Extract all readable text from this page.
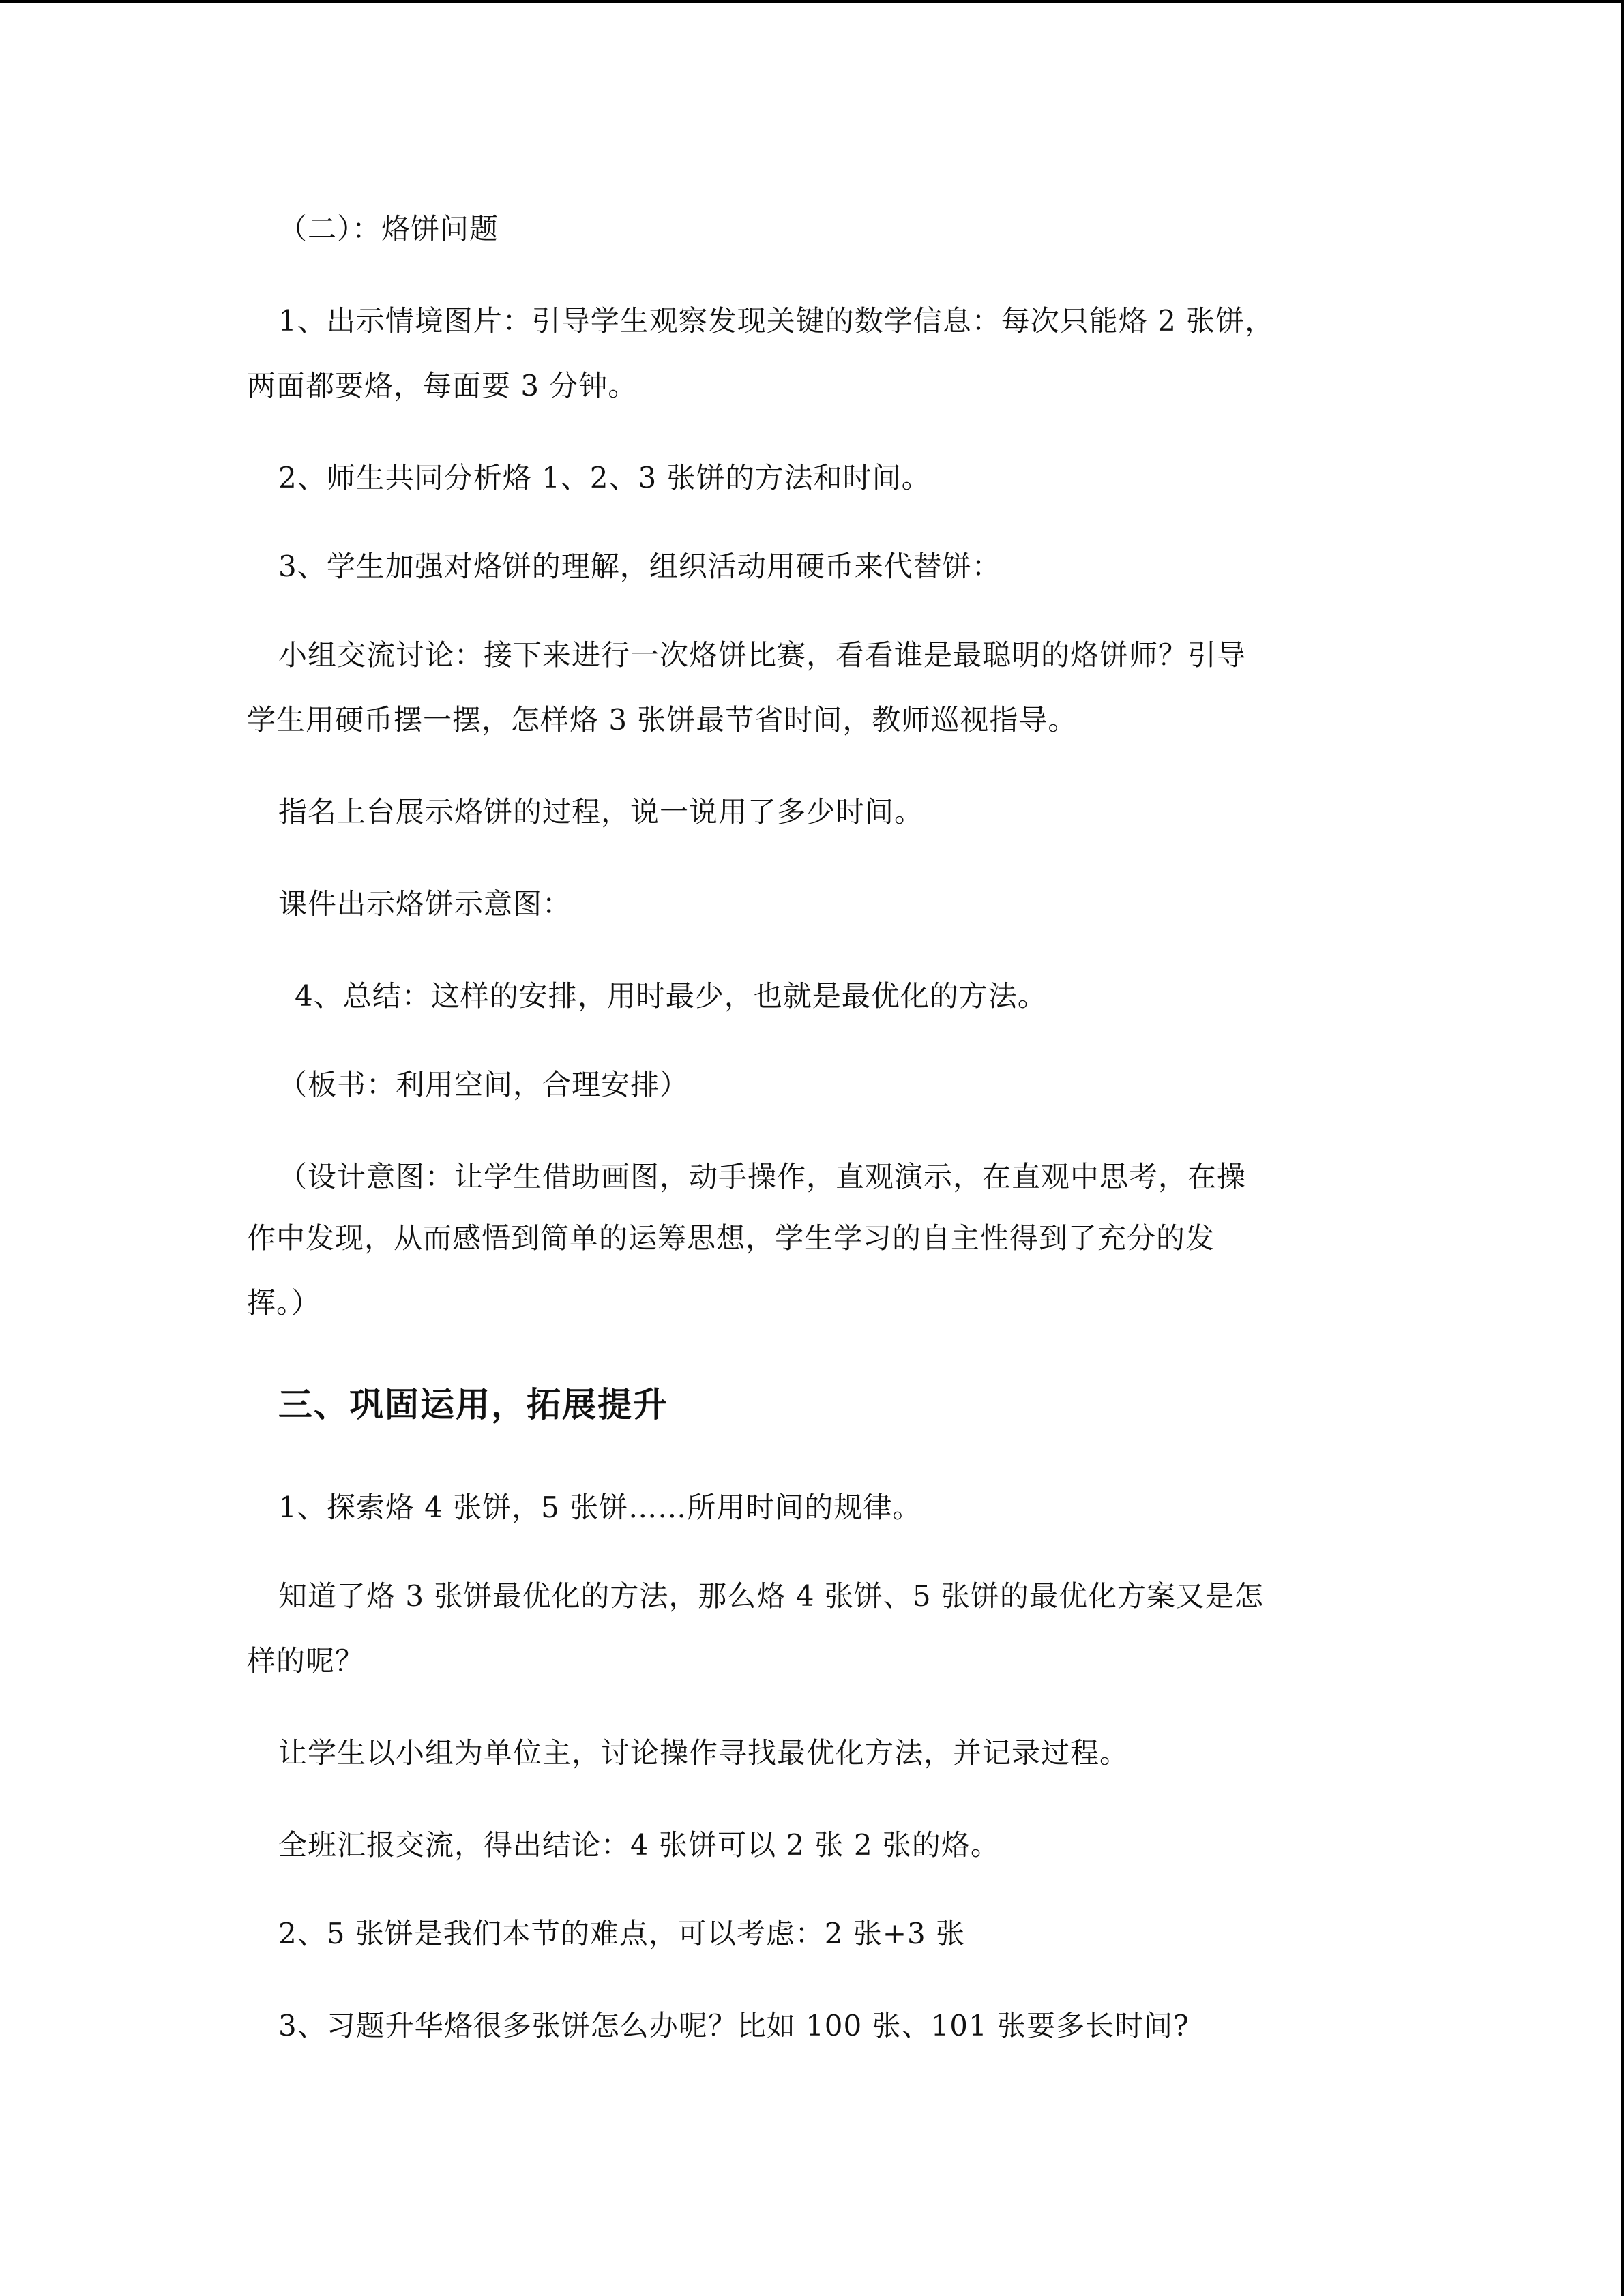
（二）：烙饼问题
1、出示情境图片：引导学生观察发现关键的数学信息：每次只能烙 2 张饼，
两面都要烙，每面要 3 分钟。
2、师生共同分析烙 1、2、3 张饼的方法和时间。
3、学生加强对烙饼的理解，组织活动用硬币来代替饼：
小组交流讨论：接下来进行一次烙饼比赛，看看谁是最聪明的烙饼师？引导
学生用硬币摆一摆，怎样烙 3 张饼最节省时间，教师巡视指导。
指名上台展示烙饼的过程，说一说用了多少时间。
课件出示烙饼示意图：
4、总结：这样的安排，用时最少，也就是最优化的方法。
（板书：利用空间，合理安排）
（设计意图：让学生借助画图，动手操作，直观演示，在直观中思考，在操
作中发现，从而感悟到简单的运筹思想，学生学习的自主性得到了充分的发
挥。）
三、巩固运用，拓展提升
1、探索烙 4 张饼，5 张饼……所用时间的规律。
知道了烙 3 张饼最优化的方法，那么烙 4 张饼、5 张饼的最优化方案又是怎
样的呢？
让学生以小组为单位主，讨论操作寻找最优化方法，并记录过程。
全班汇报交流，得出结论：4 张饼可以 2 张 2 张的烙。
2、5 张饼是我们本节的难点，可以考虑：2 张+3 张
3、习题升华烙很多张饼怎么办呢？比如 100 张、101 张要多长时间?
